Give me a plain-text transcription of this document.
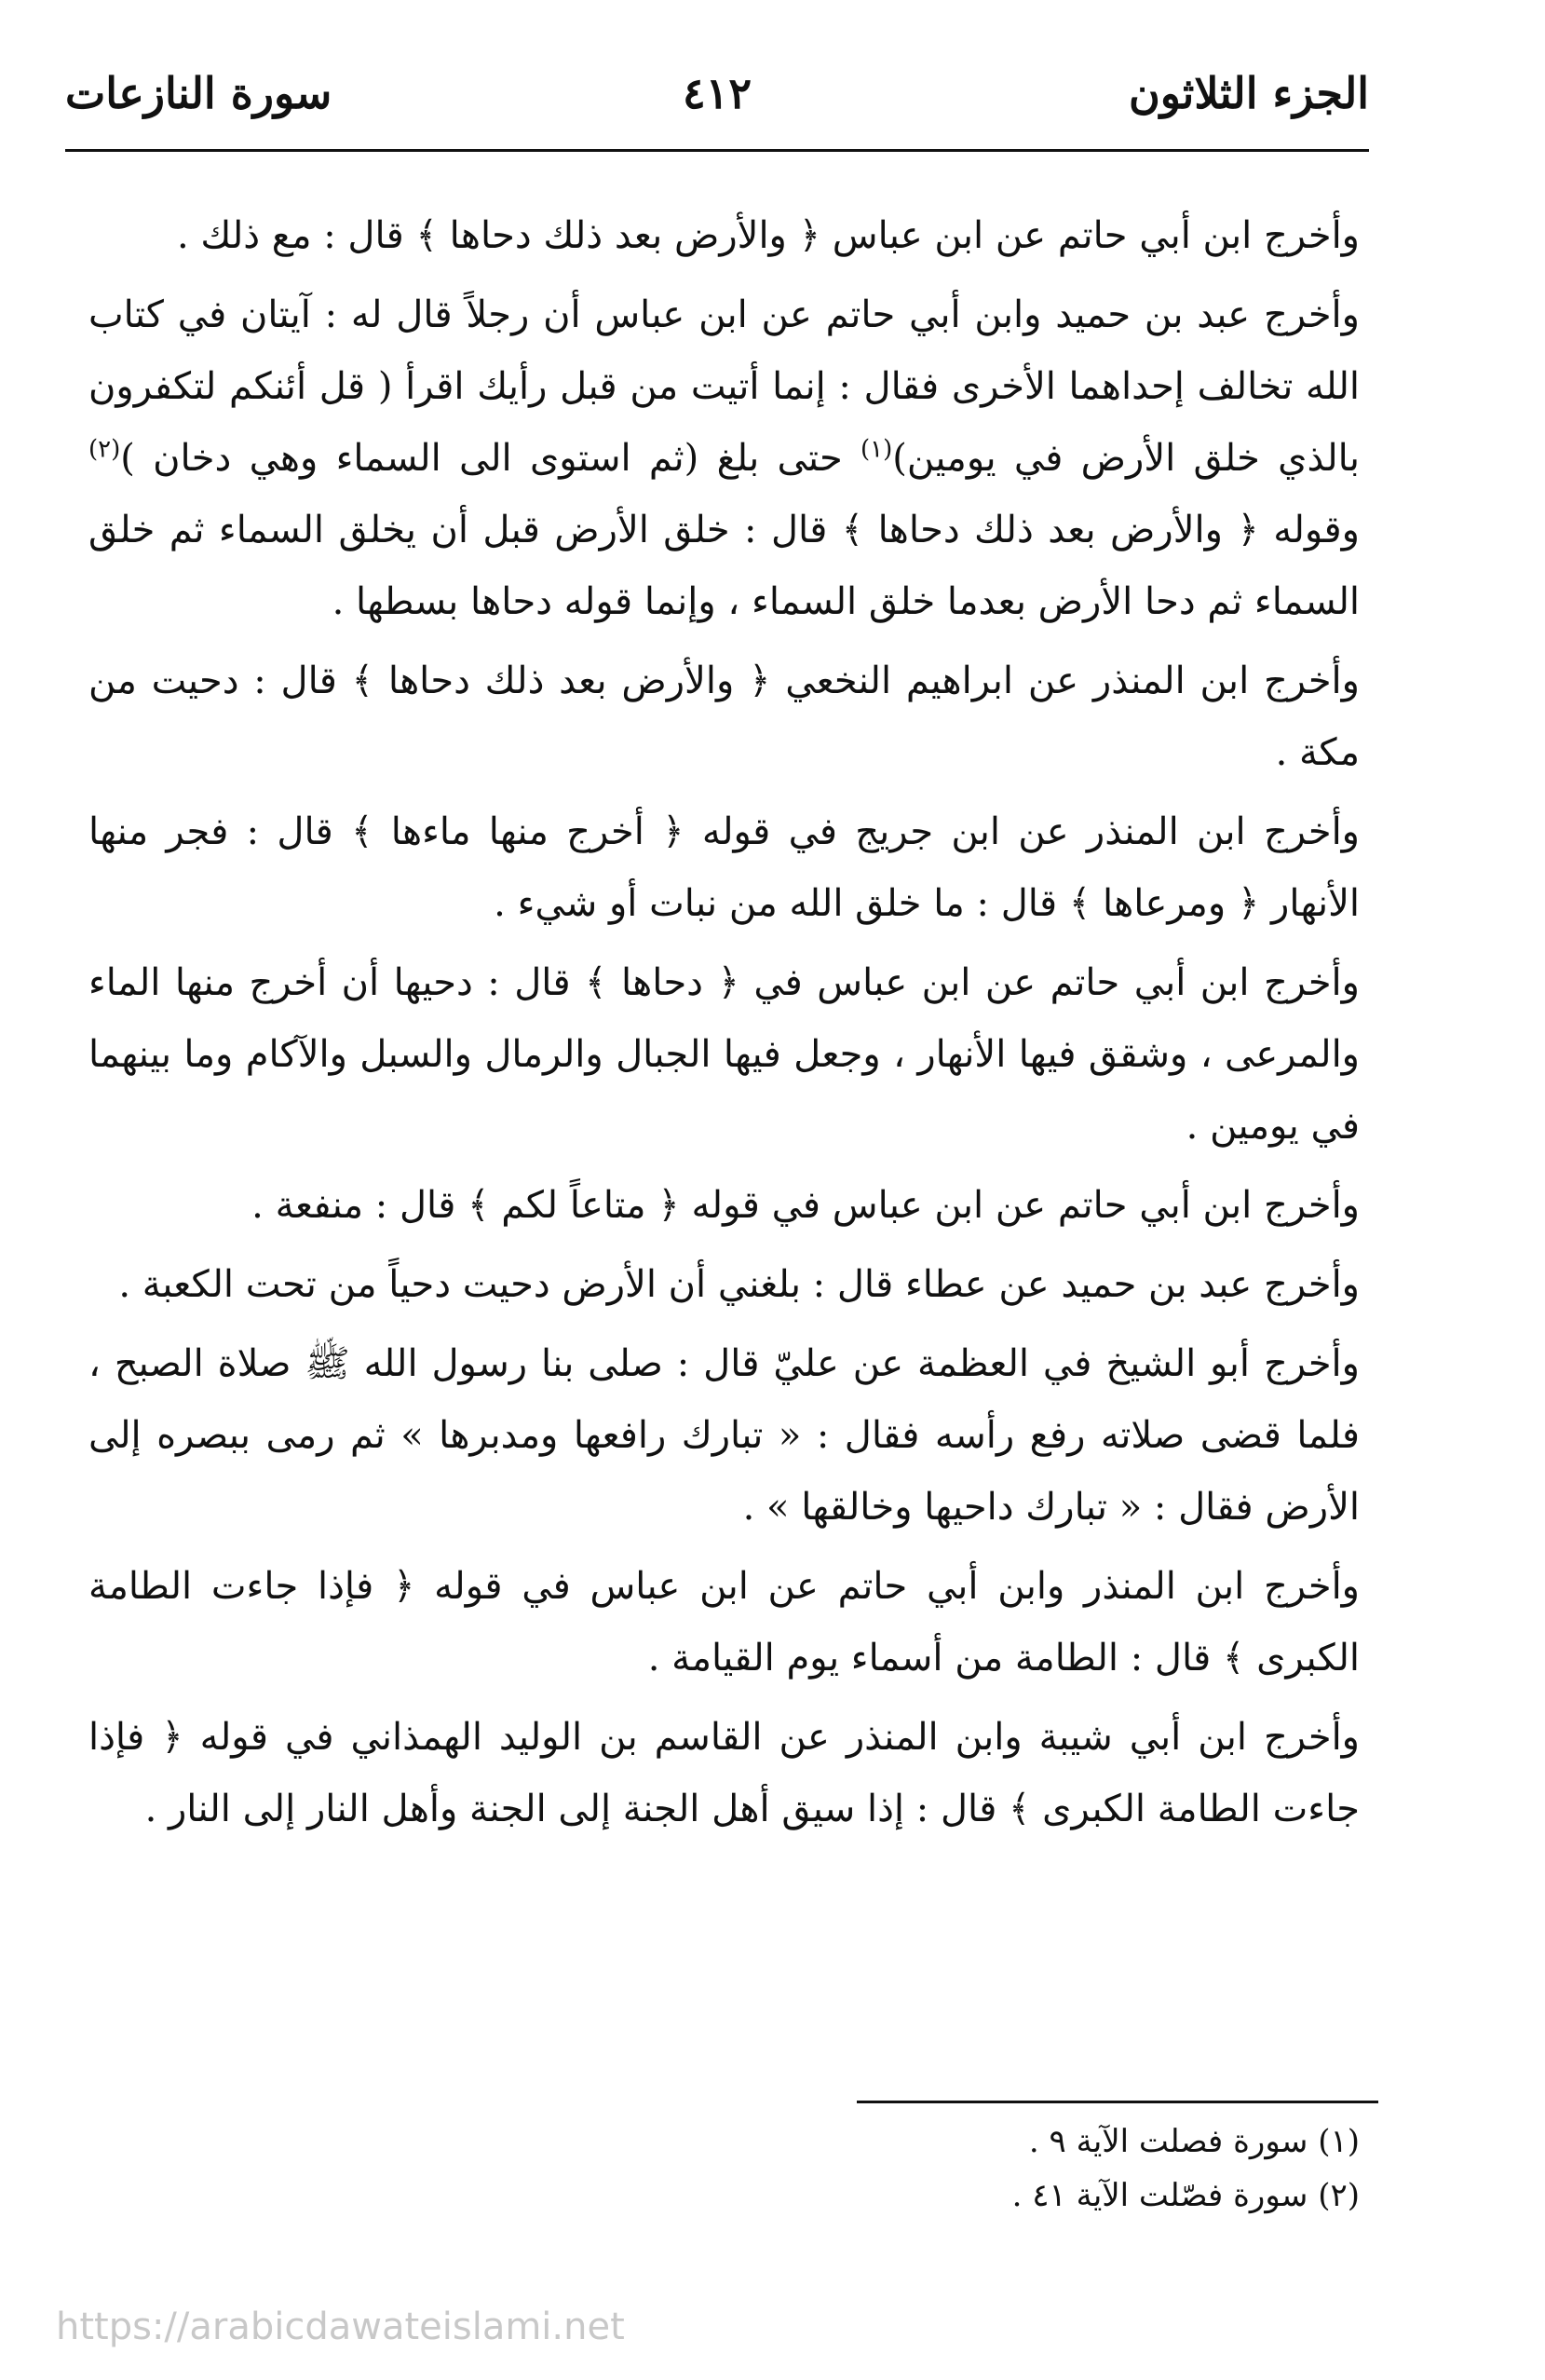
الجزء الثلاثون
٤١٢
سورة النازعات

وأخرج ابن أبي حاتم عن ابن عباس ﴿ والأرض بعد ذلك دحاها ﴾ قال : مع ذلك .

وأخرج عبد بن حميد وابن أبي حاتم عن ابن عباس أن رجلاً قال له : آيتان في كتاب الله تخالف إحداهما الأخرى فقال : إنما أتيت من قبل رأيك اقرأ ( قل أئنكم لتكفرون بالذي خلق الأرض في يومين)$^{(١)}$ حتى بلغ (ثم استوى الى السماء وهي دخان )$^{(٢)}$ وقوله ﴿ والأرض بعد ذلك دحاها ﴾ قال : خلق الأرض قبل أن يخلق السماء ثم خلق السماء ثم دحا الأرض بعدما خلق السماء ، وإنما قوله دحاها بسطها .

وأخرج ابن المنذر عن ابراهيم النخعي ﴿ والأرض بعد ذلك دحاها ﴾ قال : دحيت من مكة .

وأخرج ابن المنذر عن ابن جريج في قوله ﴿ أخرج منها ماءها ﴾ قال : فجر منها الأنهار ﴿ ومرعاها ﴾ قال : ما خلق الله من نبات أو شيء .

وأخرج ابن أبي حاتم عن ابن عباس في ﴿ دحاها ﴾ قال : دحيها أن أخرج منها الماء والمرعى ، وشقق فيها الأنهار ، وجعل فيها الجبال والرمال والسبل والآكام وما بينهما في يومين .

وأخرج ابن أبي حاتم عن ابن عباس في قوله ﴿ متاعاً لكم ﴾ قال : منفعة .

وأخرج عبد بن حميد عن عطاء قال : بلغني أن الأرض دحيت دحياً من تحت الكعبة .

وأخرج أبو الشيخ في العظمة عن عليّ قال : صلى بنا رسول الله ﷺ صلاة الصبح ، فلما قضى صلاته رفع رأسه فقال : « تبارك رافعها ومدبرها » ثم رمى ببصره إلى الأرض فقال : « تبارك داحيها وخالقها » .

وأخرج ابن المنذر وابن أبي حاتم عن ابن عباس في قوله ﴿ فإذا جاءت الطامة الكبرى ﴾ قال : الطامة من أسماء يوم القيامة .

وأخرج ابن أبي شيبة وابن المنذر عن القاسم بن الوليد الهمذاني في قوله ﴿ فإذا جاءت الطامة الكبرى ﴾ قال : إذا سيق أهل الجنة إلى الجنة وأهل النار إلى النار .

(١) سورة فصلت الآية ٩ .

(٢) سورة فصّلت الآية ٤١ .

https://arabicdawateislami.net
